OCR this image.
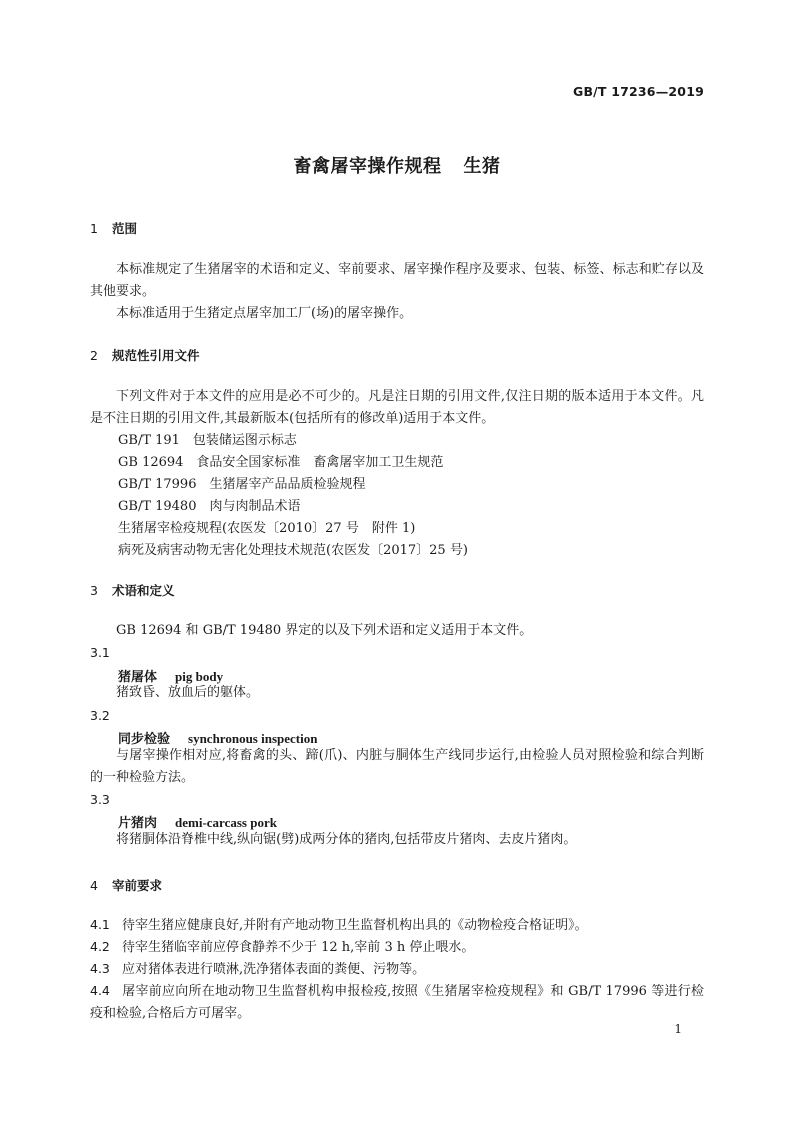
GB/T 17236—2019
畜禽屠宰操作规程 生猪
1 范围
本标准规定了生猪屠宰的术语和定义、宰前要求、屠宰操作程序及要求、包装、标签、标志和贮存以及其他要求。
本标准适用于生猪定点屠宰加工厂(场)的屠宰操作。
2 规范性引用文件
下列文件对于本文件的应用是必不可少的。凡是注日期的引用文件,仅注日期的版本适用于本文件。凡是不注日期的引用文件,其最新版本(包括所有的修改单)适用于本文件。
GB/T 191　包装储运图示标志
GB 12694　食品安全国家标准　畜禽屠宰加工卫生规范
GB/T 17996　生猪屠宰产品品质检验规程
GB/T 19480　肉与肉制品术语
生猪屠宰检疫规程(农医发〔2010〕27 号　附件 1)
病死及病害动物无害化处理技术规范(农医发〔2017〕25 号)
3 术语和定义
GB 12694 和 GB/T 19480 界定的以及下列术语和定义适用于本文件。
3.1
猪屠体 pig body
猪致昏、放血后的躯体。
3.2
同步检验 synchronous inspection
与屠宰操作相对应,将畜禽的头、蹄(爪)、内脏与胴体生产线同步运行,由检验人员对照检验和综合判断的一种检验方法。
3.3
片猪肉 demi-carcass pork
将猪胴体沿脊椎中线,纵向锯(劈)成两分体的猪肉,包括带皮片猪肉、去皮片猪肉。
4 宰前要求
4.1 待宰生猪应健康良好,并附有产地动物卫生监督机构出具的《动物检疫合格证明》。
4.2 待宰生猪临宰前应停食静养不少于 12 h,宰前 3 h 停止喂水。
4.3 应对猪体表进行喷淋,洗净猪体表面的粪便、污物等。
4.4 屠宰前应向所在地动物卫生监督机构申报检疫,按照《生猪屠宰检疫规程》和 GB/T 17996 等进行检疫和检验,合格后方可屠宰。
1
